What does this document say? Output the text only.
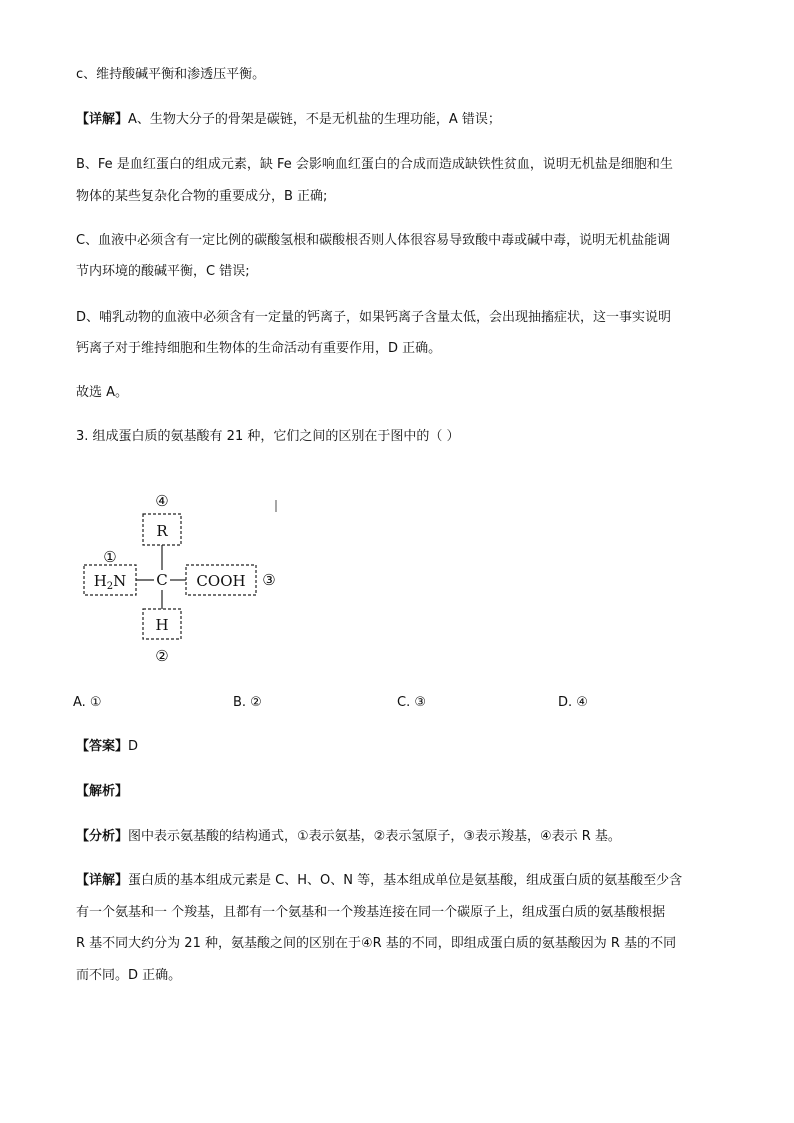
c、维持酸碱平衡和渗透压平衡。

【详解】A、生物大分子的骨架是碳链，不是无机盐的生理功能，A 错误；

B、Fe 是血红蛋白的组成元素，缺 Fe 会影响血红蛋白的合成而造成缺铁性贫血，说明无机盐是细胞和生

物体的某些复杂化合物的重要成分，B 正确;

C、血液中必须含有一定比例的碳酸氢根和碳酸根否则人体很容易导致酸中毒或碱中毒，说明无机盐能调

节内环境的酸碱平衡，C 错误;

D、哺乳动物的血液中必须含有一定量的钙离子，如果钙离子含量太低，会出现抽搐症状，这一事实说明

钙离子对于维持细胞和生物体的生命活动有重要作用，D 正确。

故选 A。

3. 组成蛋白质的氨基酸有 21 种，它们之间的区别在于图中的（ ）

④
①
③
②
R
C
H
$H_2N$	COOH

A. ①	B. ②	C. ③	D. ④

【答案】D

【解析】

【分析】图中表示氨基酸的结构通式，①表示氨基，②表示氢原子，③表示羧基，④表示 R 基。

【详解】蛋白质的基本组成元素是 C、H、O、N 等，基本组成单位是氨基酸，组成蛋白质的氨基酸至少含

有一个氨基和一 个羧基，且都有一个氨基和一个羧基连接在同一个碳原子上，组成蛋白质的氨基酸根据

R 基不同大约分为 21 种，氨基酸之间的区别在于④R 基的不同，即组成蛋白质的氨基酸因为 R 基的不同

而不同。D 正确。
